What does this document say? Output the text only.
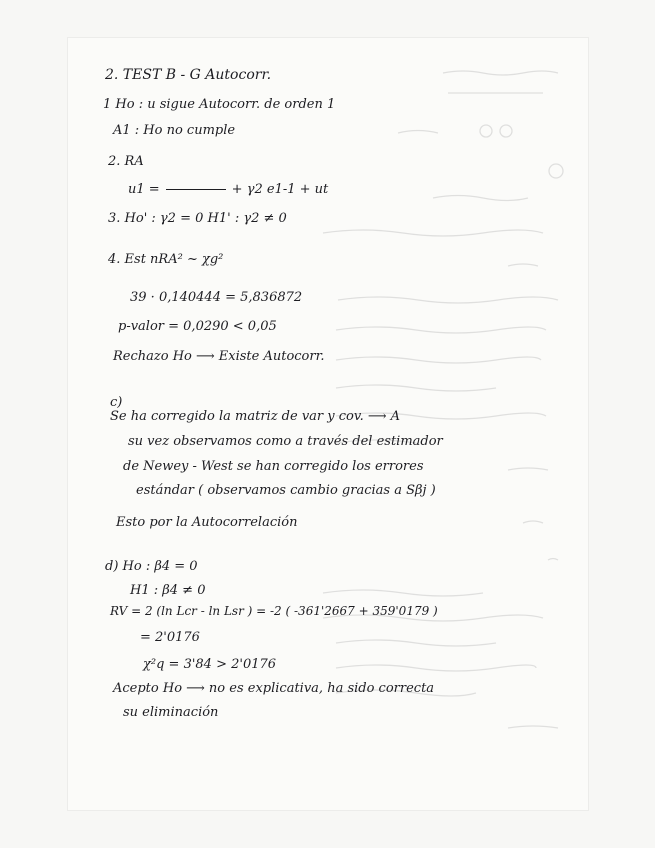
2. TEST B - G Autocorr.
1 Ho : u sigue Autocorr. de orden 1
A1 : Ho no cumple
2. RA
u1 =	+ γ2 e1-1 + ut
3. Ho' : γ2 = 0 H1' : γ2 ≠ 0
4. Est nRA² ~ χg²
39 · 0,140444 = 5,836872
p-valor = 0,0290 < 0,05
Rechazo Ho ⟶ Existe Autocorr.
c)
Se ha corregido la matriz de var y cov. ⟶ A
su vez observamos como a través del estimador
de Newey - West se han corregido los errores
estándar ( observamos cambio gracias a Sβj )
Esto por la Autocorrelación
d) Ho : β4 = 0
H1 : β4 ≠ 0
RV = 2 (ln Lcr - ln Lsr ) = -2 ( -361'2667 + 359'0179 )
= 2'0176
χ²q = 3'84 > 2'0176
Acepto Ho ⟶ no es explicativa, ha sido correcta
su eliminación
